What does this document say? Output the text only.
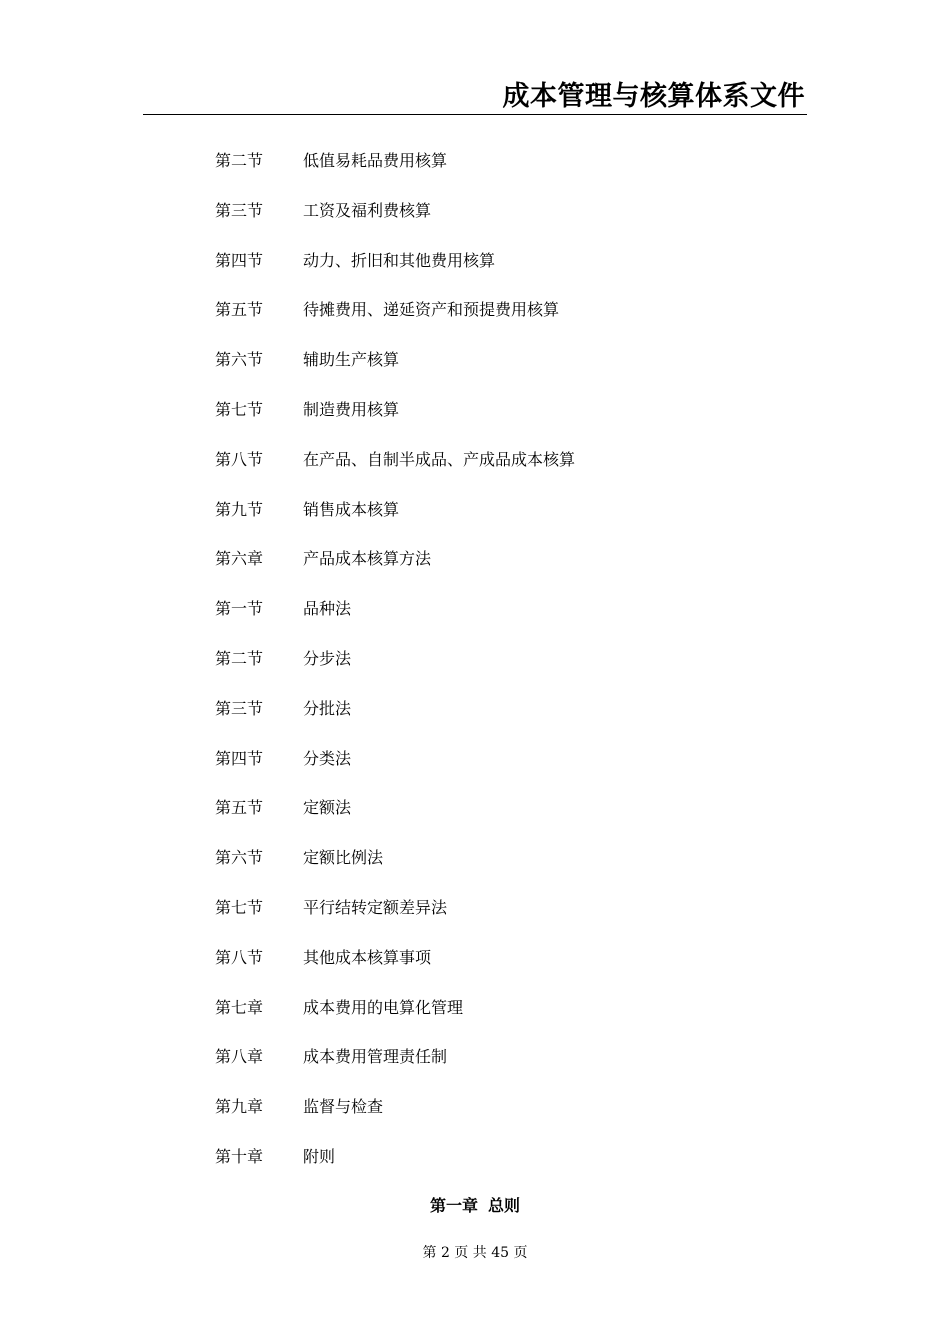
成本管理与核算体系文件
第二节	低值易耗品费用核算
第三节	工资及福利费核算
第四节	动力、折旧和其他费用核算
第五节	待摊费用、递延资产和预提费用核算
第六节	辅助生产核算
第七节	制造费用核算
第八节	在产品、自制半成品、产成品成本核算
第九节	销售成本核算
第六章	产品成本核算方法
第一节	品种法
第二节	分步法
第三节	分批法
第四节	分类法
第五节	定额法
第六节	定额比例法
第七节	平行结转定额差异法
第八节	其他成本核算事项
第七章	成本费用的电算化管理
第八章	成本费用管理责任制
第九章	监督与检查
第十章	附则
第一章 总则
第 2 页 共 45 页
